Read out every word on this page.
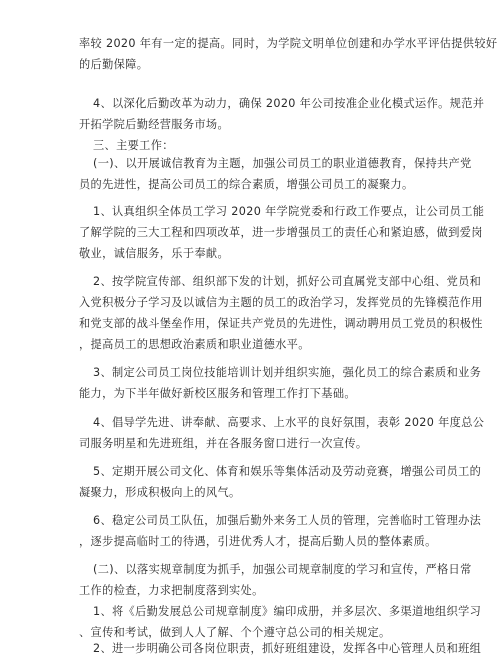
率较 2020 年有一定的提高。同时，为学院文明单位创建和办学水平评估提供较好
的后勤保障。
4、以深化后勤改革为动力，确保 2020 年公司按准企业化模式运作。规范并
开拓学院后勤经营服务市场。
三、主要工作：
(一)、以开展诚信教育为主题，加强公司员工的职业道德教育，保持共产党
员的先进性，提高公司员工的综合素质，增强公司员工的凝聚力。
1、认真组织全体员工学习 2020 年学院党委和行政工作要点，让公司员工能
了解学院的三大工程和四项改革，进一步增强员工的责任心和紧迫感，做到爱岗
敬业，诚信服务，乐于奉献。
2、按学院宣传部、组织部下发的计划，抓好公司直属党支部中心组、党员和
入党积极分子学习及以诚信为主题的员工的政治学习，发挥党员的先锋模范作用
和党支部的战斗堡垒作用，保证共产党员的先进性，调动聘用员工党员的积极性
，提高员工的思想政治素质和职业道德水平。
3、制定公司员工岗位技能培训计划并组织实施，强化员工的综合素质和业务
能力，为下半年做好新校区服务和管理工作打下基础。
4、倡导学先进、讲奉献、高要求、上水平的良好氛围，表彰 2020 年度总公
司服务明星和先进班组，并在各服务窗口进行一次宣传。
5、定期开展公司文化、体育和娱乐等集体活动及劳动竞赛，增强公司员工的
凝聚力，形成积极向上的风气。
6、稳定公司员工队伍，加强后勤外来务工人员的管理，完善临时工管理办法
，逐步提高临时工的待遇，引进优秀人才，提高后勤人员的整体素质。
(二)、以落实规章制度为抓手，加强公司规章制度的学习和宣传，严格日常
工作的检查，力求把制度落到实处。
1、将《后勤发展总公司规章制度》编印成册，并多层次、多渠道地组织学习
、宣传和考试，做到人人了解、个个遵守总公司的相关规定。
2、进一步明确公司各岗位职责，抓好班组建设，发挥各中心管理人员和班组
